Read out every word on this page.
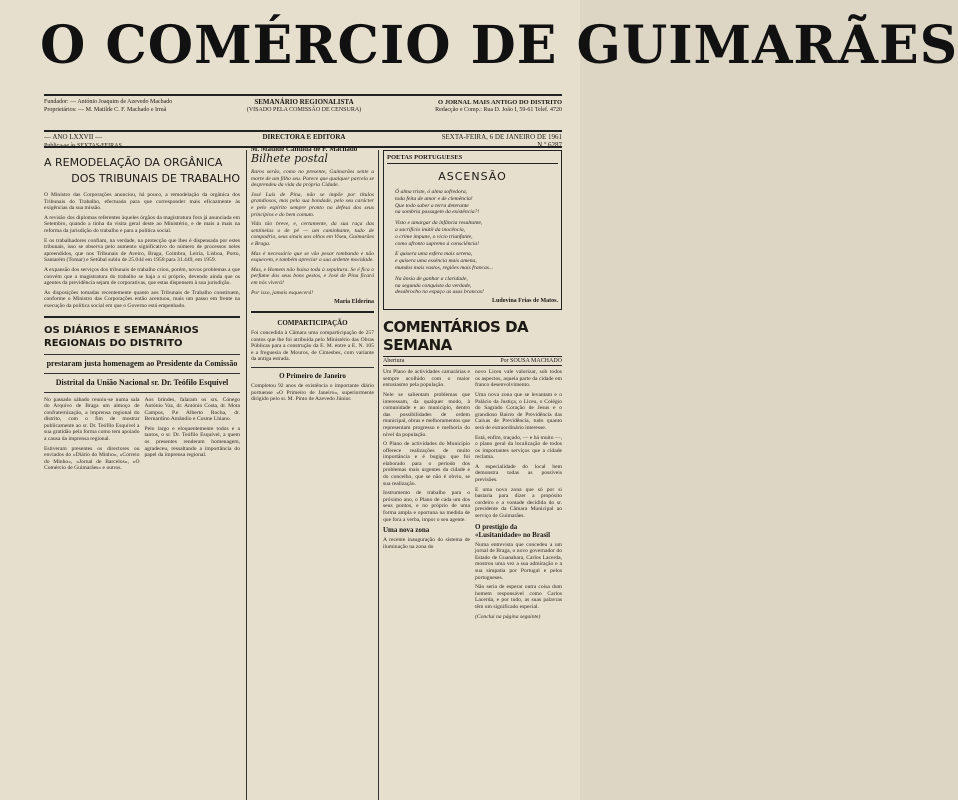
O COMÉRCIO DE GUIMARÃES
Fundador: — António Joaquim de Azevedo Machado
Proprietários: — M. Matilde C. F. Machado e Irmã
SEMANÁRIO REGIONALISTA
(VISADO PELA COMISSÃO DE CENSURA)
O JORNAL MAIS ANTIGO DO DISTRITO
Redacção e Comp.: Rua D. João I, 59-61 Telef. 4720
— ANO LXXVII —
Publica-se às SEXTAS-FEIRAS
DIRECTORA E EDITORA	SEXTA-FEIRA, 6 DE JANEIRO DE 1961
N.º 6287
M. Matilde Cândida de F. Machado
A REMODELAÇÃO DA ORGÂNICA
DOS TRIBUNAIS DE TRABALHO

O Ministro das Corporações anunciou, há pouco, a remodelação da orgânica dos Tribunais do Trabalho, efectuada para que corresponder mais eficazmente às exigências da sua missão.

A revisão dos diplomas referentes àqueles órgãos da magistratura fora já anunciada em Setembro, quando a tinha da visita geral deste ao Ministério, e de mais a mais na reforma da jurisdição do trabalho e para a política social.

E os trabalhadores confiam, na verdade, na protecção que lhes é dispensada por estes tribunais, isso se observa pelo aumento significativo do número de processos neles apreendidos, que nos Tribunais de Aveiro, Braga, Coimbra, Leiria, Lisboa, Porto, Santarém (Tomar) e Setúbal subiu de 25.044 em 1958 para 31.449, em 1959.

A expansão dos serviços dos tribunais de trabalho criou, porém, novos problemas a que convém que a magistratura do trabalho se haja a si próprio, devendo ainda que os agentes da previdência sejam de corporativas, que estas dispensem à sua jurisdição.

As disposições tomadas recentemente quanto aos Tribunais de Trabalho constituem, conforme o Ministro das Corporações então acentuou, mais um passo em frente na execução da política social em que o Governo está empenhado.

OS DIÁRIOS E SEMANÁRIOS REGIONAIS DO DISTRITO
prestaram justa homenagem ao Presidente da Comissão
Distrital da União Nacional sr. Dr. Teófilo Esquível

No passado sábado reuniu-se numa sala do Arquivo de Braga um almoço de confraternização, a imprensa regional do distrito, com o fim de mostrar publicamente ao sr. Dr. Teófilo Esquível a sua gratidão pela forma como tem apoiado a causa da imprensa regional.

Estiveram presentes os directores ou enviados do «Diário do Minho», «Correio do Minho», «Jornal de Barcelos», «O Comércio de Guimarães» e outros.

Aos brindes, falaram os srs. Cónego António Vaz, dr. António Costa, dr. Mota Campos, P.e Alberto Rocha, dr. Bernardino Amândio e Cosme Lhiano.

Pelo largo e eloquentemente todos e a tantos, o sr. Dr. Teófilo Esquível, a quem os presentes renderam homenagem, agradeceu, ressaltando a importância do papel da imprensa regional.

Bilhete postal

Raros serão, como no presente, Guimarães sente a morte de um filho seu. Parece que qualquer parcela se desprendeu da vida da própria Cidade.

José Luís de Pina, não se impõe por títulos grandiosos, mas pela sua bondade, pelo seu carácter e pelo espírito sempre pronto na defesa dos seus princípios e do bem comum.

Vida tão breve, e, certamente, da sua raça das sentinelas o de pé — um caminhante, tudo de compadrio, seus sinais aos olhos em Viseu, Guimarães e Braga.

Mas é necessário que se vão pesar tombando e não esquecem, e também apreciar a sua ardente mocidade.

Mas, e Homem não baixa toda à sepultura. Se é fica o perfume dos seus bons gestos, e José de Pina ficará em nós viverá!

Por isso, jamais esquecerá!

Maria Elderina
COMPARTICIPAÇÃO

Foi concedida à Câmara uma comparticipação de 257 contos que lhe foi atribuída pelo Ministério das Obras Públicas para a construção da E. M. entre a E. N. 105 e a freguesia de Mouros, de Cimesbes, com variante da antiga estrada.

O Primeiro de Janeiro

Completou 92 anos de existência o importante diário portuense «O Primeiro de Janeiro», superiormente dirigido pelo sr. M. Pinto de Azevedo Júnior.

POETAS PORTUGUESES
ASCENSÃO
Ó alma triste, ó alma sofredora,
toda feita de amor e de clemência!
Que todo saber a terra deterante
na sombria passagem da existência?!
Visto e amargar da infância resultante,
a sacrifício inútil da inocência,
o crime impune, o vício triunfante,
como afronto supremo à consciência!
E quisera uma esfera mais serena,
e quisera uma essência mais amena,
mundos mais vastos, regiões mais francas...
Na ânsia de ganhar a claridade,
na segunda conquista da verdade,
desabrocho no espaço as asas brancas!
Ludovina Frias de Matos.
COMENTÁRIOS DA SEMANA
Abertura	Por SOUSA MACHADO

Um Plano de actividades camarárias e sempre acolhido com o maior entusiasmo pela população.

Nele se salientam problemas que interessam, da qualquer modo, à comunidade e ao município, dentro das possibilidades de ordem municipal, obras e melhoramentos que representam progresso e melhoria do nível da população.

O Plano de actividades do Município offerece realizações de muito importância e é bugigu que foi elaborado para o período dos problemas mais urgentes da cidade e do concelho, que se não é obvio, se sua realização.

Instrumento de trabalho para o próximo ano, o Plano de cada um dos seus pontos, e no próprio de uma forma ampla e oportuna na medida de que fora a verba, impor o seu agente.

Uma nova zona

A recente inauguração do sistema de iluminação na zona do

novo Liceu vale valorizar, sob todos os aspectos, aquela parte da cidade em franco desenvolvimento.

Uma nova zona que se levantam e o Palácio da Justiça, o Liceu, o Colégio do Sagrado Coração de Jesus e o grandioso Bairro de Previdência das Caixas de Previdência, tudo quanto será de extraordinário interesse.

Está, enfim, traçado, — e há muito —, o plano geral da localização de todos os importantes serviços que a cidade reclama.

A especialidade do local bem demonstra todas as possíveis previsões.

E uma nova zona que só por si bastaria para dizer a propósito cordeiro e a vontade decidida do sr. presidente da Câmara Municipal ao serviço de Guimarães.

O prestígio da «Lusitanidade» no Brasil

Numa entrevista que concedeu a um jornal de Braga, o novo governador do Estado de Guanabara, Carlos Lacerda, mostrou uma vez a sua admiração e a sua simpatia por Portugal e pelos portugueses.

Não seria de esperar outra coisa dum homem responsável como Carlos Lacerda, e por tudo, as suas palavras têm um significado especial.

(Conclui na página seguinte)
